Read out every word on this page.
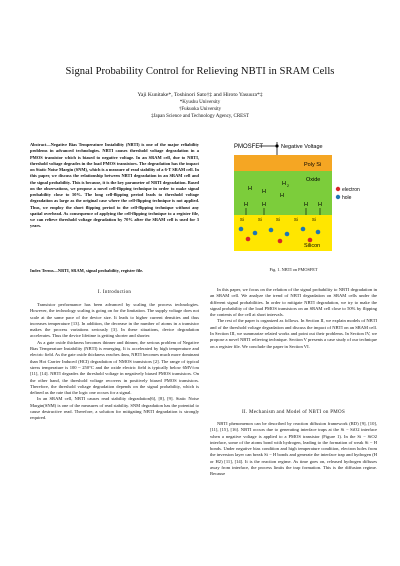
Signal Probability Control for Relieving NBTI in SRAM Cells
Yaji Kunitake*, Toshinori Sato†‡ and Hiroto Yasuura*‡
*Kyushu University
†Fukuoka University
‡Japan Science and Technology Agency, CREST
Abstract—Negative Bias Temperature Instability (NBTI) is one of the major reliability problems in advanced technologies. NBTI causes threshold voltage degradation in a PMOS transistor which is biased to negative voltage. In an SRAM cell, due to NBTI, threshold voltage degrades in the load PMOS transistors. The degradation has the impact on Static Noise Margin (SNM), which is a measure of read stability of a 6-T SRAM cell. In this paper, we discuss the relationship between NBTI degradation in an SRAM cell and the signal probability. This is because, it is the key parameter of NBTI degradation. Based on the observations, we propose a novel cell-flipping technique in order to make signal probability close to 50%. The long cell-flipping period leads to threshold voltage degradation as large as the original case where the cell-flipping technique is not applied. Thus, we employ the short flipping period to the cell-flipping technique without any spatial overhead. As consequence of applying the cell-flipping technique to a register file, we can relieve threshold voltage degradation by 70% after the SRAM cell is used for 3 years.
Index Terms—NBTI, SRAM, signal probability, register file.
I. Introduction

Transistor performance has been advanced by scaling the process technologies. However, the technology scaling is going on for the limitation. The supply voltage does not scale at the same pace of the device size. It leads to higher current densities and thus increases temperature [13]. In addition, the decrease in the number of atoms in a transistor makes the process variations seriously [3]. In these situations, device degradation accelerates. Thus the device lifetime is getting shorter and shorter.

As a gate oxide thickness becomes thinner and thinner, the serious problem of Negative Bias Temperature Instability (NBTI) is emerging. It is accelerated by high temperature and electric field. As the gate oxide thickness reaches 4nm, NBTI becomes much more dominant than Hot Carrier Induced (HCI) degradation of NMOS transistors [2]. The range of typical stress temperature is 100 ~ 250°C and the oxide electric field is typically below 6MV/cm [11], [14]. NBTI degrades the threshold voltage in negatively biased PMOS transistors. On the other hand, the threshold voltage recovers in positively biased PMOS transistors. Therefore, the threshold voltage degradation depends on the signal probability, which is defined as the rate that the logic one occurs for a signal.

In an SRAM cell, NBTI causes read stability degradation[6], [8], [9]. Static Noise Margin(SNM) is one of the measures of read stability. SNM degradation has the potential to cause destructive read. Therefore, a solution for mitigating NBTI degradation is strongly required.

PMOSFET	Negative Voltage
Poly Si
Oxide
H H
H 2
H
H	H	H H
Si	Si	Si	Si	Si
Silicon
electron
hole
Fig. 1. NBTI on PMOSFET

In this paper, we focus on the relation of the signal probability to NBTI degradation in an SRAM cell. We analyze the trend of NBTI degradation on SRAM cells under the different signal probabilities. In order to mitigate NBTI degradation, we try to make the signal probability of the load PMOS transistors on an SRAM cell close to 50% by flipping the contents of the cell at short intervals.

The rest of the paper is organized as follows. In Section II, we explain models of NBTI and of the threshold voltage degradation and discuss the impact of NBTI on an SRAM cell. In Section III, we summarize related works and point out their problems. In Section IV, we propose a novel NBTI relieving technique. Section V presents a case study of our technique on a register file. We conclude the paper in Section VI.

II. Mechanism and Model of NBTI on PMOS

NBTI phenomenon can be described by reaction diffusion framework (RD) [9], [10], [11], [15], [16]. NBTI occurs due to generating interface traps at the Si − SiO2 interface when a negative voltage is applied to a PMOS transistor (Figure 1). In the Si − SiO2 interface, some of the atoms bond with hydrogen, leading to the formation of weak Si − H bonds. Under negative bias condition and high temperature condition, electron holes from the inversion layer can break Si − H bonds and generate the interface trap and hydrogen (H or H2) [11], [14]. It is the reaction regime. As time goes on, released hydrogen diffuses away from interface, the process limits the trap formation. This is the diffusion regime. Because
